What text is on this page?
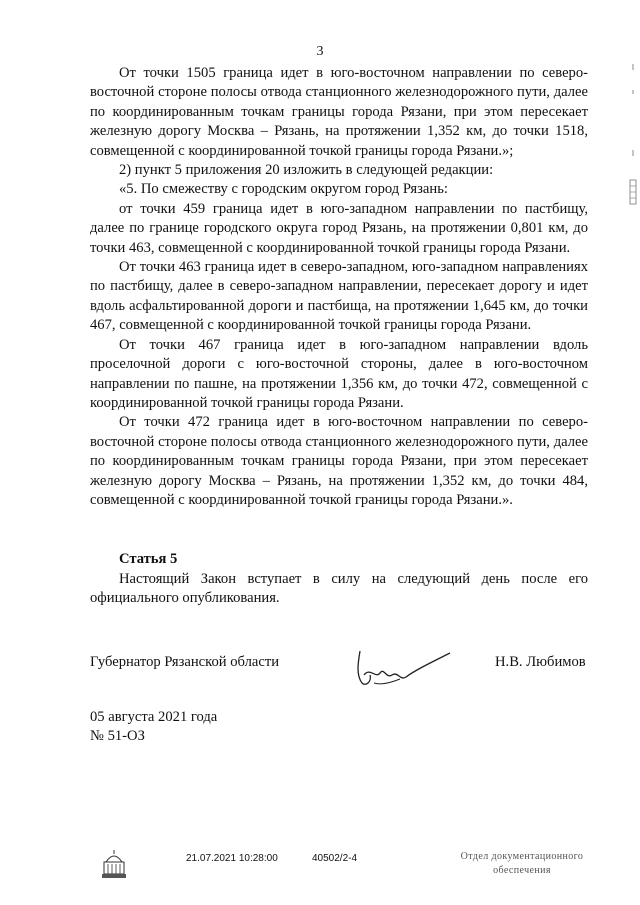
3

От точки 1505 граница идет в юго-восточном направлении по северо-восточной стороне полосы отвода станционного железнодорожного пути, далее по координированным точкам границы города Рязани, при этом пересекает железную дорогу Москва – Рязань, на протяжении 1,352 км, до точки 1518, совмещенной с координированной точкой границы города Рязани.»;

2) пункт 5 приложения 20 изложить в следующей редакции:

«5. По смежеству с городским округом город Рязань:

от точки 459 граница идет в юго-западном направлении по пастбищу, далее по границе городского округа город Рязань, на протяжении 0,801 км, до точки 463, совмещенной с координированной точкой границы города Рязани.

От точки 463 граница идет в северо-западном, юго-западном направлениях по пастбищу, далее в северо-западном направлении, пересекает дорогу и идет вдоль асфальтированной дороги и пастбища, на протяжении 1,645 км, до точки 467, совмещенной с координированной точкой границы города Рязани.

От точки 467 граница идет в юго-западном направлении вдоль проселочной дороги с юго-восточной стороны, далее в юго-восточном направлении по пашне, на протяжении 1,356 км, до точки 472, совмещенной с координированной точкой границы города Рязани.

От точки 472 граница идет в юго-восточном направлении по северо-восточной стороне полосы отвода станционного железнодорожного пути, далее по координированным точкам границы города Рязани, при этом пересекает железную дорогу Москва – Рязань, на протяжении 1,352 км, до точки 484, совмещенной с координированной точкой границы города Рязани.».

Статья 5
Настоящий Закон вступает в силу на следующий день после его официального опубликования.
Губернатор Рязанской области	Н.В. Любимов
05 августа 2021 года
№ 51-ОЗ
21.07.2021 10:28:00	40502/2-4	Отдел документационного
обеспечения
